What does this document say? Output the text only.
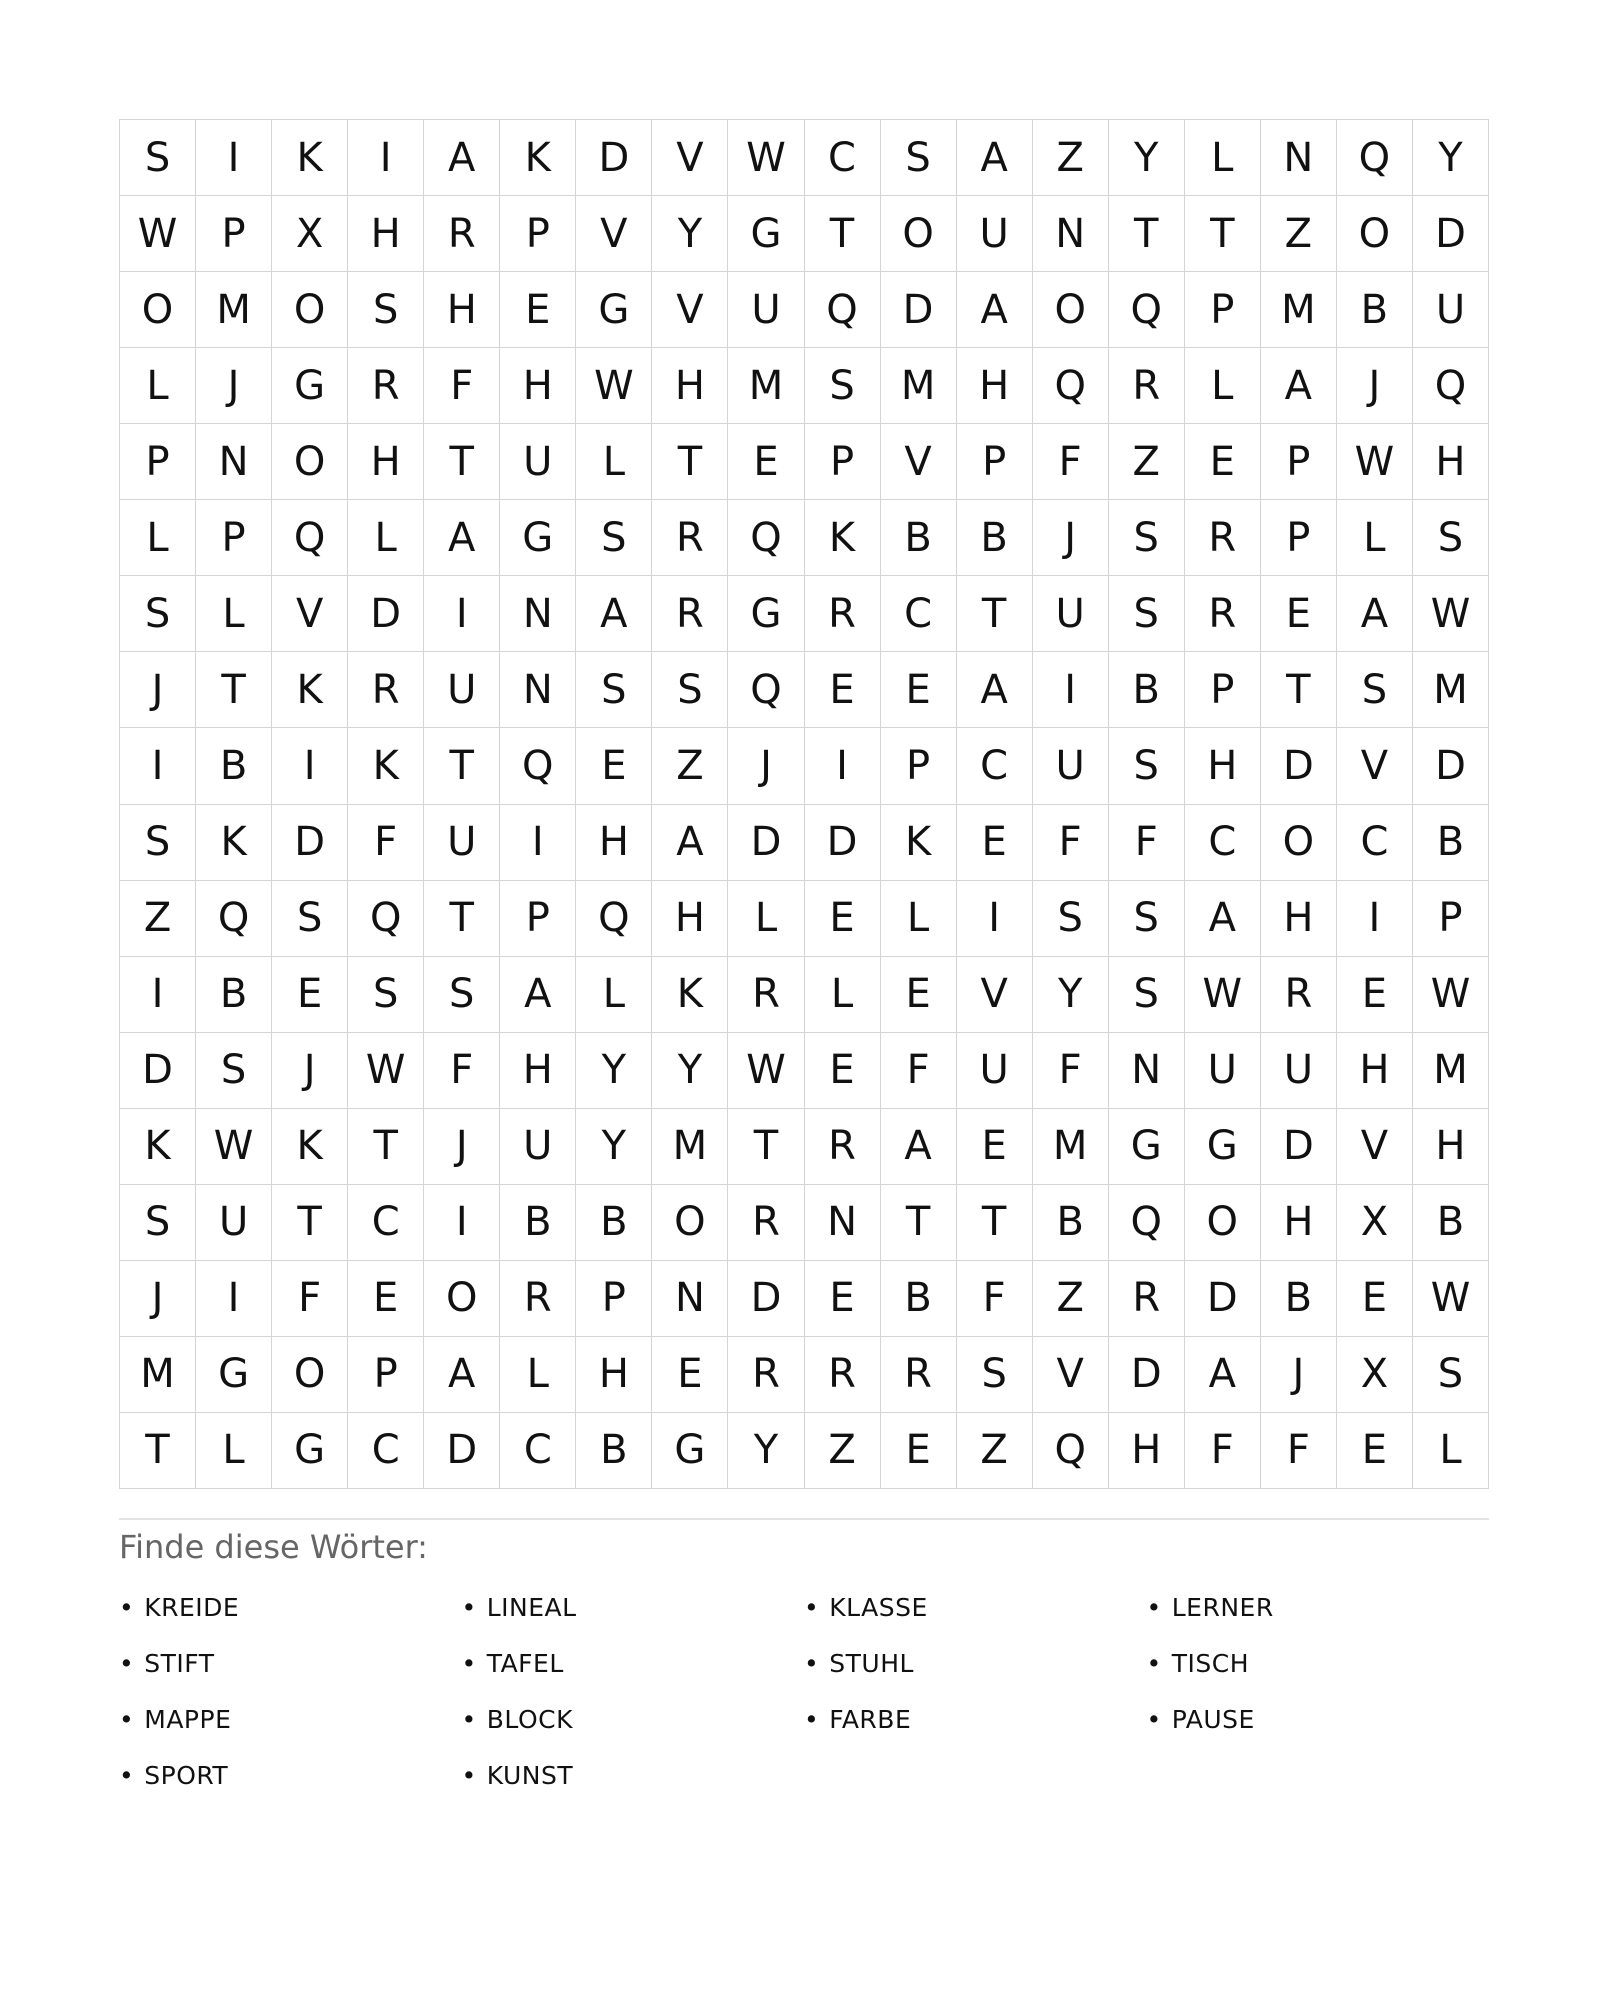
S	I	K	I	A	K	D	V	W	C	S	A	Z	Y	L	N	Q	Y
W	P	X	H	R	P	V	Y	G	T	O	U	N	T	T	Z	O	D
O	M	O	S	H	E	G	V	U	Q	D	A	O	Q	P	M	B	U
L	J	G	R	F	H	W	H	M	S	M	H	Q	R	L	A	J	Q
P	N	O	H	T	U	L	T	E	P	V	P	F	Z	E	P	W	H
L	P	Q	L	A	G	S	R	Q	K	B	B	J	S	R	P	L	S
S	L	V	D	I	N	A	R	G	R	C	T	U	S	R	E	A	W
J	T	K	R	U	N	S	S	Q	E	E	A	I	B	P	T	S	M
I	B	I	K	T	Q	E	Z	J	I	P	C	U	S	H	D	V	D
S	K	D	F	U	I	H	A	D	D	K	E	F	F	C	O	C	B
Z	Q	S	Q	T	P	Q	H	L	E	L	I	S	S	A	H	I	P
I	B	E	S	S	A	L	K	R	L	E	V	Y	S	W	R	E	W
D	S	J	W	F	H	Y	Y	W	E	F	U	F	N	U	U	H	M
K	W	K	T	J	U	Y	M	T	R	A	E	M	G	G	D	V	H
S	U	T	C	I	B	B	O	R	N	T	T	B	Q	O	H	X	B
J	I	F	E	O	R	P	N	D	E	B	F	Z	R	D	B	E	W
M	G	O	P	A	L	H	E	R	R	R	S	V	D	A	J	X	S
T	L	G	C	D	C	B	G	Y	Z	E	Z	Q	H	F	F	E	L
Finde diese Wörter:
• KREIDE	• LINEAL	• KLASSE	• LERNER
• STIFT	• TAFEL	• STUHL	• TISCH
• MAPPE	• BLOCK	• FARBE	• PAUSE
• SPORT	• KUNST
